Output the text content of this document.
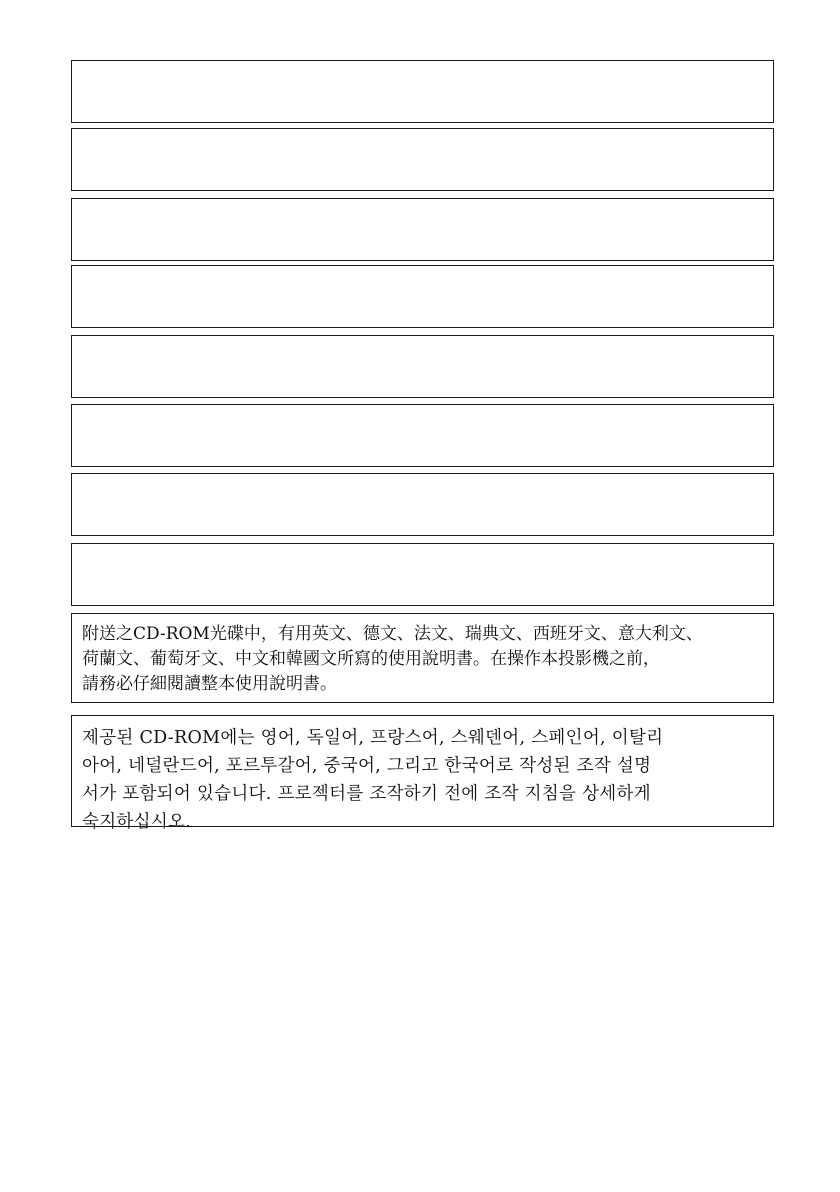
附送之CD-ROM光碟中，有用英文、德文、法文、瑞典文、西班牙文、意大利文、
荷蘭文、葡萄牙文、中文和韓國文所寫的使用說明書。在操作本投影機之前，
請務必仔細閱讀整本使用說明書。
제공된 CD-ROM에는 영어, 독일어, 프랑스어, 스웨덴어, 스페인어, 이탈리
아어, 네덜란드어, 포르투갈어, 중국어, 그리고 한국어로 작성된 조작 설명
서가 포함되어 있습니다. 프로젝터를 조작하기 전에 조작 지침을 상세하게
숙지하십시오.
